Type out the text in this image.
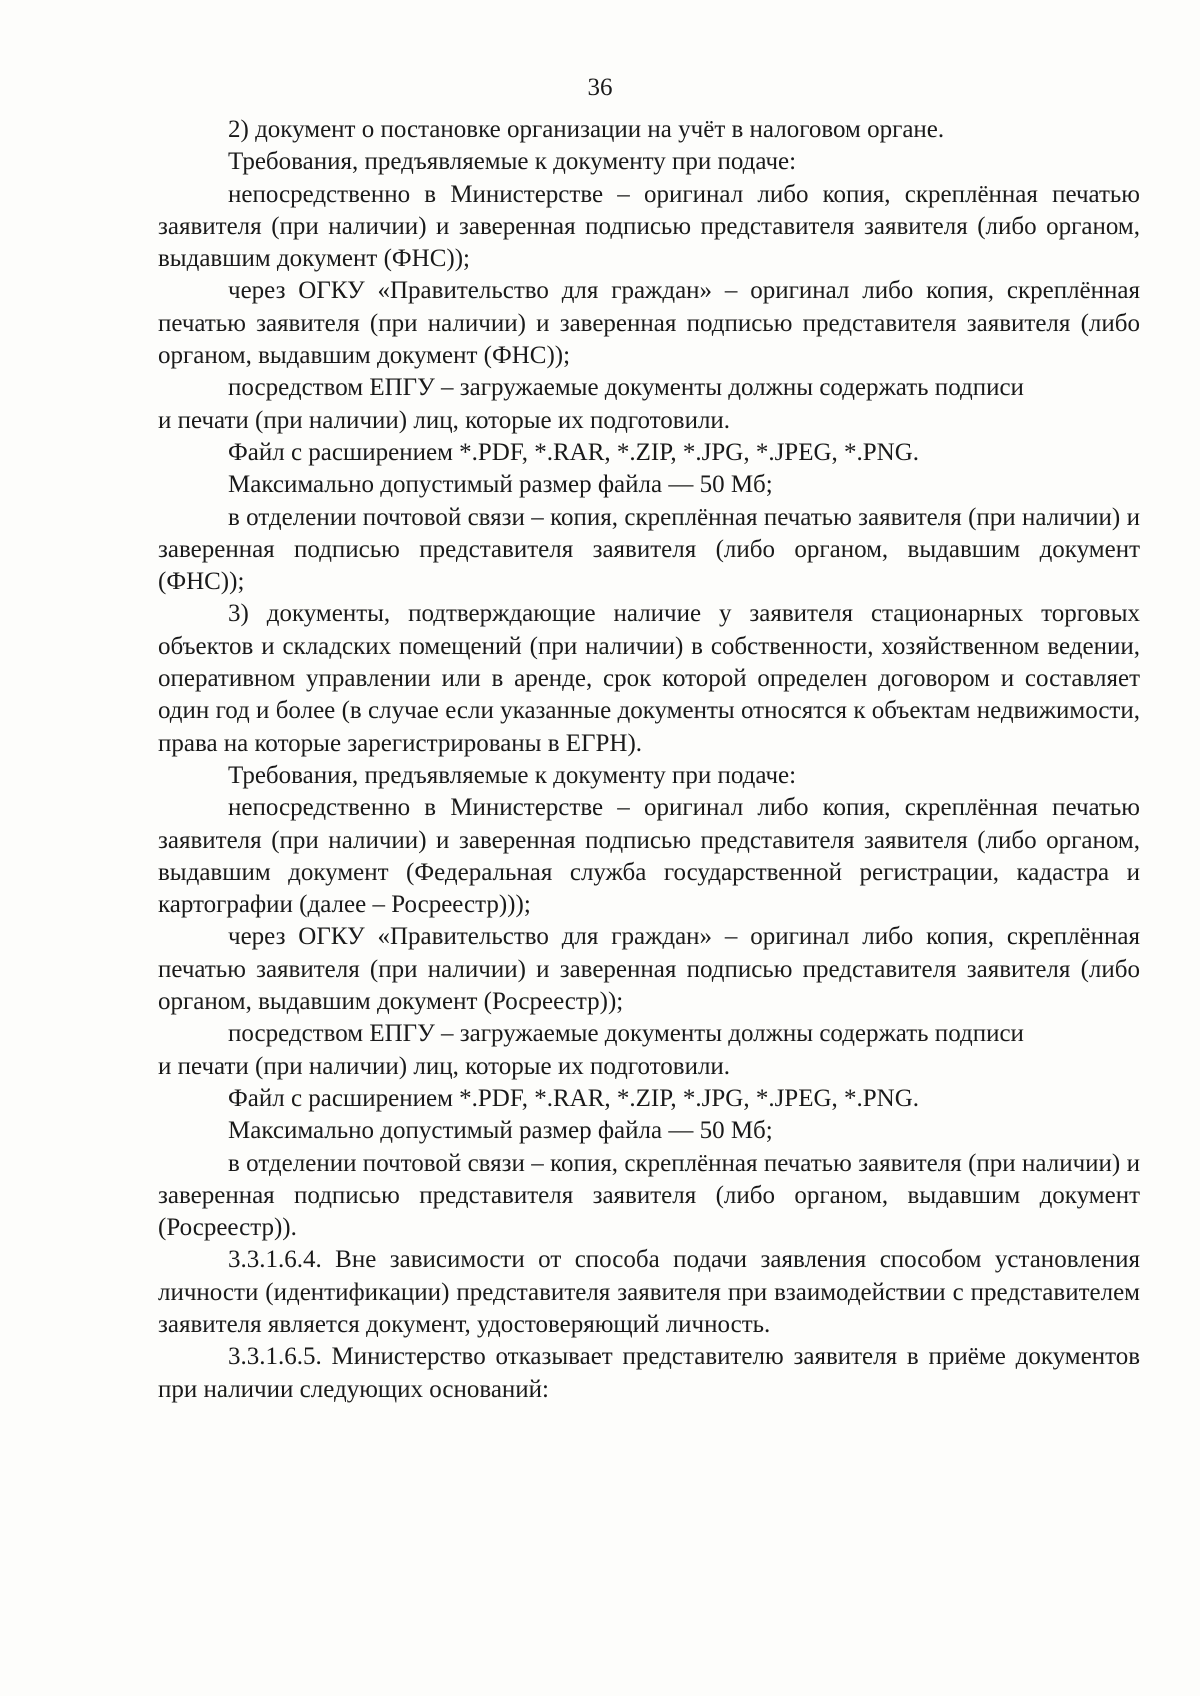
36

2) документ о постановке организации на учёт в налоговом органе.

Требования, предъявляемые к документу при подаче:

непосредственно в Министерстве – оригинал либо копия, скреплённая печатью заявителя (при наличии) и заверенная подписью представителя заявителя (либо органом, выдавшим документ (ФНС));

через ОГКУ «Правительство для граждан» – оригинал либо копия, скреплённая печатью заявителя (при наличии) и заверенная подписью представителя заявителя (либо органом, выдавшим документ (ФНС));

посредством ЕПГУ – загружаемые документы должны содержать подписи

и печати (при наличии) лиц, которые их подготовили.

Файл с расширением *.PDF, *.RAR, *.ZIP, *.JPG, *.JPEG, *.PNG.

Максимально допустимый размер файла — 50 Мб;

в отделении почтовой связи – копия, скреплённая печатью заявителя (при наличии) и заверенная подписью представителя заявителя (либо органом, выдавшим документ (ФНС));

3) документы, подтверждающие наличие у заявителя стационарных торговых объектов и складских помещений (при наличии) в собственности, хозяйственном ведении, оперативном управлении или в аренде, срок которой определен договором и составляет один год и более (в случае если указанные документы относятся к объектам недвижимости, права на которые зарегистрированы в ЕГРН).

Требования, предъявляемые к документу при подаче:

непосредственно в Министерстве – оригинал либо копия, скреплённая печатью заявителя (при наличии) и заверенная подписью представителя заявителя (либо органом, выдавшим документ (Федеральная служба государственной регистрации, кадастра и картографии (далее – Росреестр)));

через ОГКУ «Правительство для граждан» – оригинал либо копия, скреплённая печатью заявителя (при наличии) и заверенная подписью представителя заявителя (либо органом, выдавшим документ (Росреестр));

посредством ЕПГУ – загружаемые документы должны содержать подписи

и печати (при наличии) лиц, которые их подготовили.

Файл с расширением *.PDF, *.RAR, *.ZIP, *.JPG, *.JPEG, *.PNG.

Максимально допустимый размер файла — 50 Мб;

в отделении почтовой связи – копия, скреплённая печатью заявителя (при наличии) и заверенная подписью представителя заявителя (либо органом, выдавшим документ (Росреестр)).

3.3.1.6.4. Вне зависимости от способа подачи заявления способом установления личности (идентификации) представителя заявителя при взаимодействии с представителем заявителя является документ, удостоверяющий личность.

3.3.1.6.5. Министерство отказывает представителю заявителя в приёме документов при наличии следующих оснований:
